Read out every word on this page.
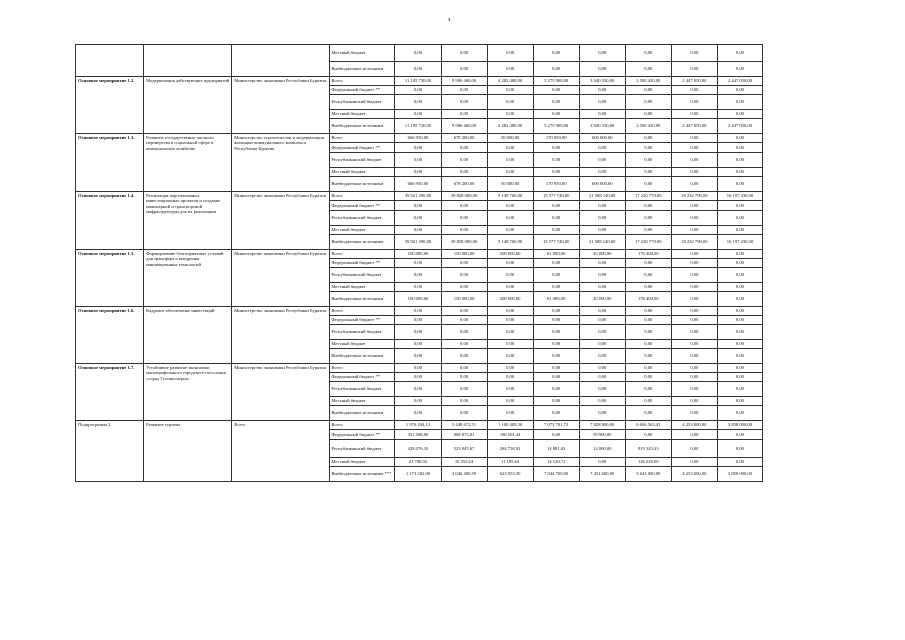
4
			Местный бюджет	0,00	0,00	0,00	0,00	0,00	0,00	0,00	0,00
			Внебюджетные источники	0,00	0,00	0,00	0,00	0,00	0,00	0,00	0,00
Основное мероприятие 1.2.	Модернизация действующих предприятий	Министерство экономики Республики Бурятия	Всего	11 195 730,00	9 906 460,00	4 282 480,00	5 275 900,00	3 940 530,00	2 500 430,00	2 447 050,00	2 447 050,00
			Федеральный бюджет **	0,00	0,00	0,00	0,00	0,00	0,00	0,00	0,00
			Республиканский бюджет	0,00	0,00	0,00	0,00	0,00	0,00	0,00	0,00
			Местный бюджет	0,00	0,00	0,00	0,00	0,00	0,00	0,00	0,00
			Внебюджетные источники	11 195 730,00	9 906 460,00	4 282 480,00	5 275 900,00	3 940 530,00	2 500 430,00	2 447 050,00	2 447 050,00
Основное мероприятие 1.3.	Развитие государственно-частного партнерства в социальной сфере и коммунальном хозяйстве	Министерство строительства и модернизации жилищно-коммунального комплекса Республики Бурятия	Всего	666 950,00	678 200,00	50 000,00	170 950,00	600 000,00	0,00	0,00	0,00
			Федеральный бюджет **	0,00	0,00	0,00	0,00	0,00	0,00	0,00	0,00
			Республиканский бюджет	0,00	0,00	0,00	0,00	0,00	0,00	0,00	0,00
			Местный бюджет	0,00	0,00	0,00	0,00	0,00	0,00	0,00	0,00
			Внебюджетные источники	666 950,00	678 200,00	50 000,00	170 950,00	600 000,00	0,00	0,00	0,00
Основное мероприятие 1.4.	Реализация перспективных инвестиционных проектов и создание инженерной и транспортной инфраструктуры для их реализации	Министерство экономики Республики Бурятия	Всего	39 921 390,00	39 828 000,00	9 148 760,00	15 577 740,00	21 588 140,00	17 220 770,00	18 232 790,00	16 197 430,00
			Федеральный бюджет **	0,00	0,00	0,00	0,00	0,00	0,00	0,00	0,00
			Республиканский бюджет	0,00	0,00	0,00	0,00	0,00	0,00	0,00	0,00
			Местный бюджет	0,00	0,00	0,00	0,00	0,00	0,00	0,00	0,00
			Внебюджетные источники	39 921 390,00	39 828 000,00	9 148 760,00	15 577 740,00	21 588 140,00	17 220 770,00	18 232 790,00	16 197 430,00
Основное мероприятие 1.5.	Формирование благоприятных условий для трансфера и внедрения инновационных технологий	Министерство экономики Республики Бурятия	Всего	100 000,00	150 000,00	200 000,00	81 000,00	45 000,00	176 400,00	0,00	0,00
			Федеральный бюджет **	0,00	0,00	0,00	0,00	0,00	0,00	0,00	0,00
			Республиканский бюджет	0,00	0,00	0,00	0,00	0,00	0,00	0,00	0,00
			Местный бюджет	0,00	0,00	0,00	0,00	0,00	0,00	0,00	0,00
			Внебюджетные источники	100 000,00	150 000,00	200 000,00	81 000,00	45 000,00	176 400,00	0,00	0,00
Основное мероприятие 1.6.	Кадровое обеспечение инвестиций	Министерство экономики Республики Бурятия	Всего	0,00	0,00	0,00	0,00	0,00	0,00	0,00	0,00
			Федеральный бюджет **	0,00	0,00	0,00	0,00	0,00	0,00	0,00	0,00
			Республиканский бюджет	0,00	0,00	0,00	0,00	0,00	0,00	0,00	0,00
			Местный бюджет	0,00	0,00	0,00	0,00	0,00	0,00	0,00	0,00
			Внебюджетные источники	0,00	0,00	0,00	0,00	0,00	0,00	0,00	0,00
Основное мероприятие 1.7.	Устойчивое развитие экономики монопрофильного городского поселения «город Гусиноозерск»	Министерство экономики Республики Бурятия	Всего	0,00	0,00	0,00	0,00	0,00	0,00	0,00	0,00
			Федеральный бюджет **	0,00	0,00	0,00	0,00	0,00	0,00	0,00	0,00
			Республиканский бюджет	0,00	0,00	0,00	0,00	0,00	0,00	0,00	0,00
			Местный бюджет	0,00	0,00	0,00	0,00	0,00	0,00	0,00	0,00
			Внебюджетные источники	0,00	0,00	0,00	0,00	0,00	0,00	0,00	0,00
Подпрограмма 2.	Развитие туризма	Всего	Всего	1 976 204,12	5 448 672,51	1 100 409,30	7 073 701,73	7 828 800,00	6 604 563,43	4 253 000,00	3 858 000,00
			Федеральный бюджет **	351 008,00	868 873,01	186 501,44	0,00	59 900,00	0,00	0,00	0,00
			Республиканский бюджет	428 076,10	523 045,67	284 758,92	14 881,02	14 000,00	919 343,43	0,00	0,00
			Местный бюджет	23 708,02	10 353,24	11 195,64	14 120,72	0,00	126 220,00	0,00	0,00
			Внебюджетные источники ***	1 173 302,00	4 046 400,59	623 953,30	7 044 700,00	7 454 600,00	5 641 000,00	4 253 000,00	3 858 000,00
